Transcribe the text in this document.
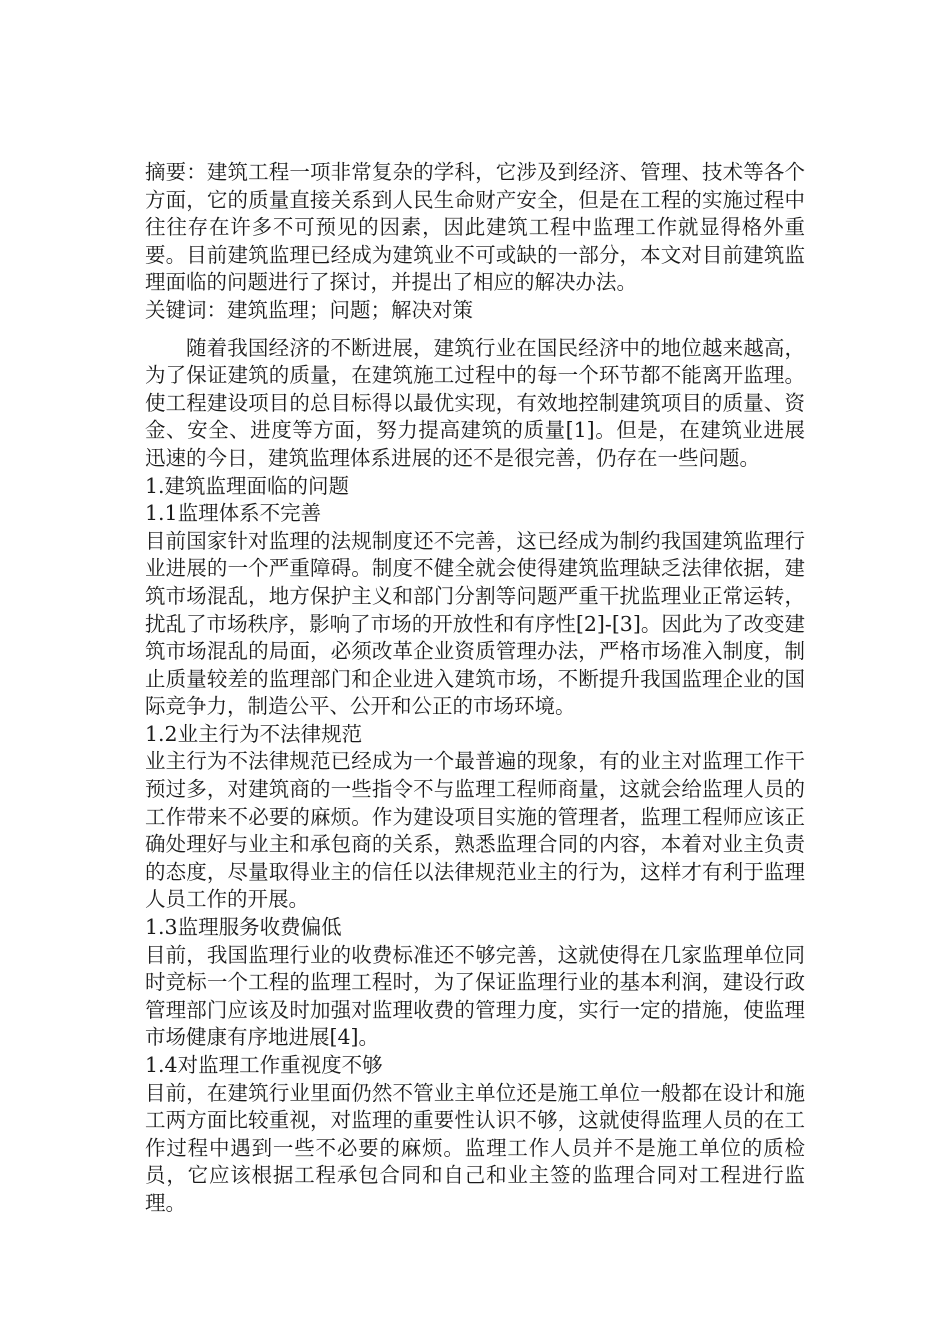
摘要：建筑工程一项非常复杂的学科，它涉及到经济、管理、技术等各个方面，它的质量直接关系到人民生命财产安全，但是在工程的实施过程中往往存在许多不可预见的因素，因此建筑工程中监理工作就显得格外重要。目前建筑监理已经成为建筑业不可或缺的一部分，本文对目前建筑监理面临的问题进行了探讨，并提出了相应的解决办法。

关键词：建筑监理；问题；解决对策

随着我国经济的不断进展，建筑行业在国民经济中的地位越来越高，为了保证建筑的质量，在建筑施工过程中的每一个环节都不能离开监理。使工程建设项目的总目标得以最优实现，有效地控制建筑项目的质量、资金、安全、进度等方面，努力提高建筑的质量[1]。但是，在建筑业进展迅速的今日，建筑监理体系进展的还不是很完善，仍存在一些问题。

1.建筑监理面临的问题

1.1监理体系不完善

目前国家针对监理的法规制度还不完善，这已经成为制约我国建筑监理行业进展的一个严重障碍。制度不健全就会使得建筑监理缺乏法律依据，建筑市场混乱，地方保护主义和部门分割等问题严重干扰监理业正常运转，扰乱了市场秩序，影响了市场的开放性和有序性[2]-[3]。因此为了改变建筑市场混乱的局面，必须改革企业资质管理办法，严格市场准入制度，制止质量较差的监理部门和企业进入建筑市场，不断提升我国监理企业的国际竞争力，制造公平、公开和公正的市场环境。

1.2业主行为不法律规范

业主行为不法律规范已经成为一个最普遍的现象，有的业主对监理工作干预过多，对建筑商的一些指令不与监理工程师商量，这就会给监理人员的工作带来不必要的麻烦。作为建设项目实施的管理者，监理工程师应该正确处理好与业主和承包商的关系，熟悉监理合同的内容，本着对业主负责的态度，尽量取得业主的信任以法律规范业主的行为，这样才有利于监理人员工作的开展。

1.3监理服务收费偏低

目前，我国监理行业的收费标准还不够完善，这就使得在几家监理单位同时竞标一个工程的监理工程时，为了保证监理行业的基本利润，建设行政管理部门应该及时加强对监理收费的管理力度，实行一定的措施，使监理市场健康有序地进展[4]。

1.4对监理工作重视度不够

目前，在建筑行业里面仍然不管业主单位还是施工单位一般都在设计和施工两方面比较重视，对监理的重要性认识不够，这就使得监理人员的在工作过程中遇到一些不必要的麻烦。监理工作人员并不是施工单位的质检员，它应该根据工程承包合同和自己和业主签的监理合同对工程进行监理。
